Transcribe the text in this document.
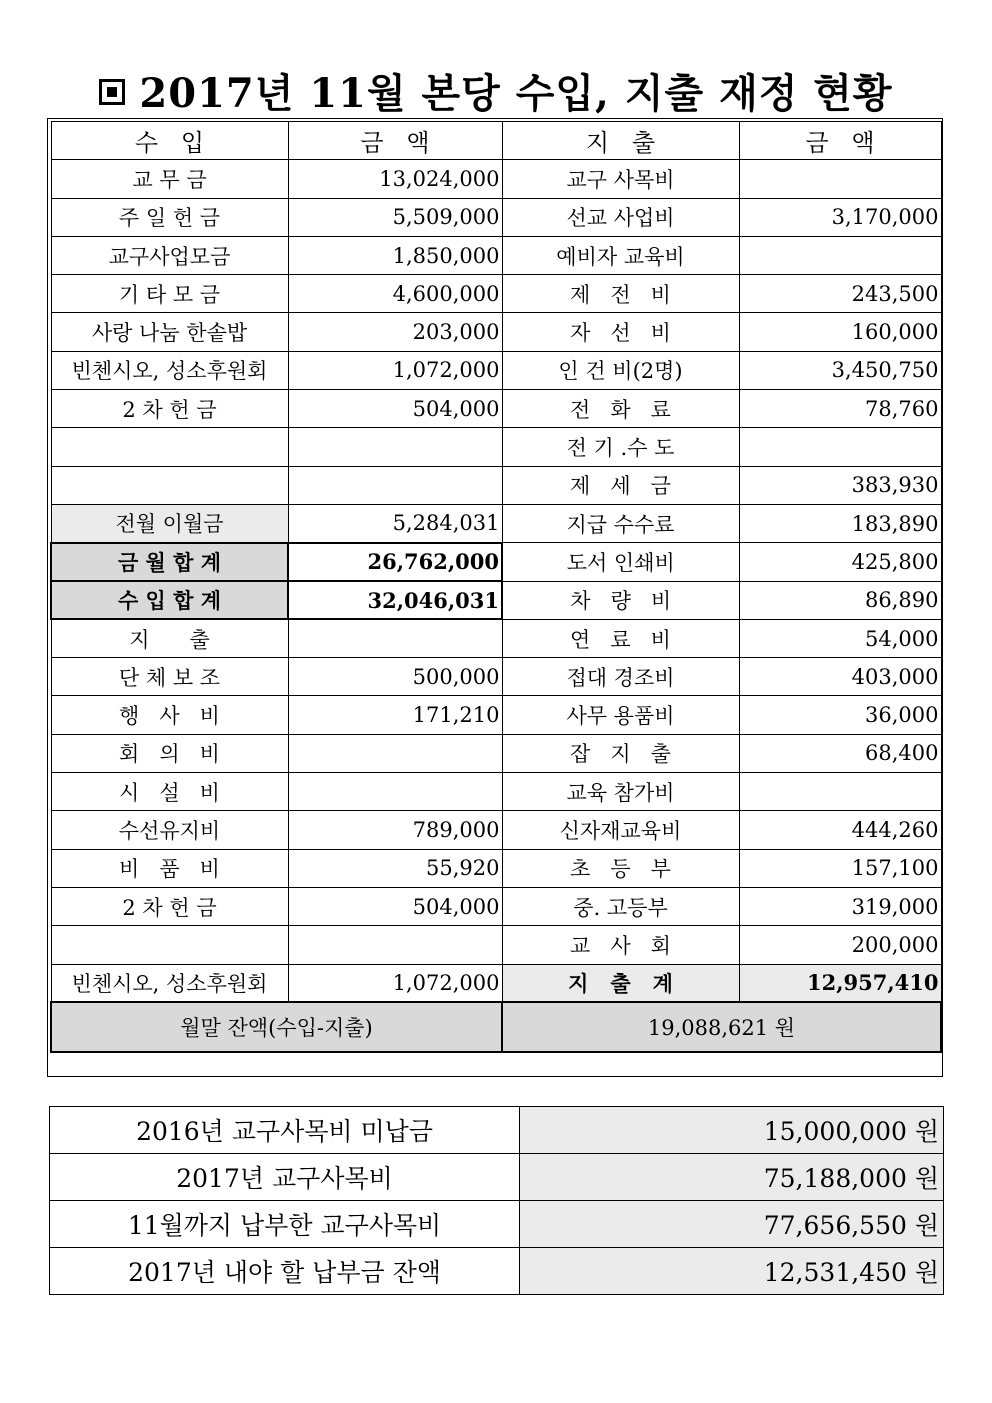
2017년 11월 본당 수입, 지출 재정 현황
수   입	금   액	지   출	금   액
교 무 금	13,024,000	교구 사목비	
주 일 헌 금	5,509,000	선교 사업비	3,170,000
교구사업모금	1,850,000	예비자 교육비	
기 타 모 금	4,600,000	제   전   비	243,500
사랑 나눔 한솥밥	203,000	자   선   비	160,000
빈첸시오, 성소후원회	1,072,000	인 건 비(2명)	3,450,750
2 차 헌 금	504,000	전   화   료	78,760
		전 기 .수 도	
		제   세   금	383,930
전월 이월금	5,284,031	지급 수수료	183,890
금 월 합 계	26,762,000	도서 인쇄비	425,800
수 입 합 계	32,046,031	차   량   비	86,890
지      출		연   료   비	54,000
단 체 보 조	500,000	접대 경조비	403,000
행   사   비	171,210	사무 용품비	36,000
회   의   비		잡   지   출	68,400
시   설   비		교육 참가비	
수선유지비	789,000	신자재교육비	444,260
비   품   비	55,920	초   등   부	157,100
2 차 헌 금	504,000	중. 고등부	319,000
		교   사   회	200,000
빈첸시오, 성소후원회	1,072,000	지   출   계	12,957,410
월말 잔액(수입-지출)		19,088,621 원	
2016년 교구사목비 미납금	15,000,000 원
2017년 교구사목비	75,188,000 원
11월까지 납부한 교구사목비	77,656,550 원
2017년 내야 할 납부금 잔액	12,531,450 원
